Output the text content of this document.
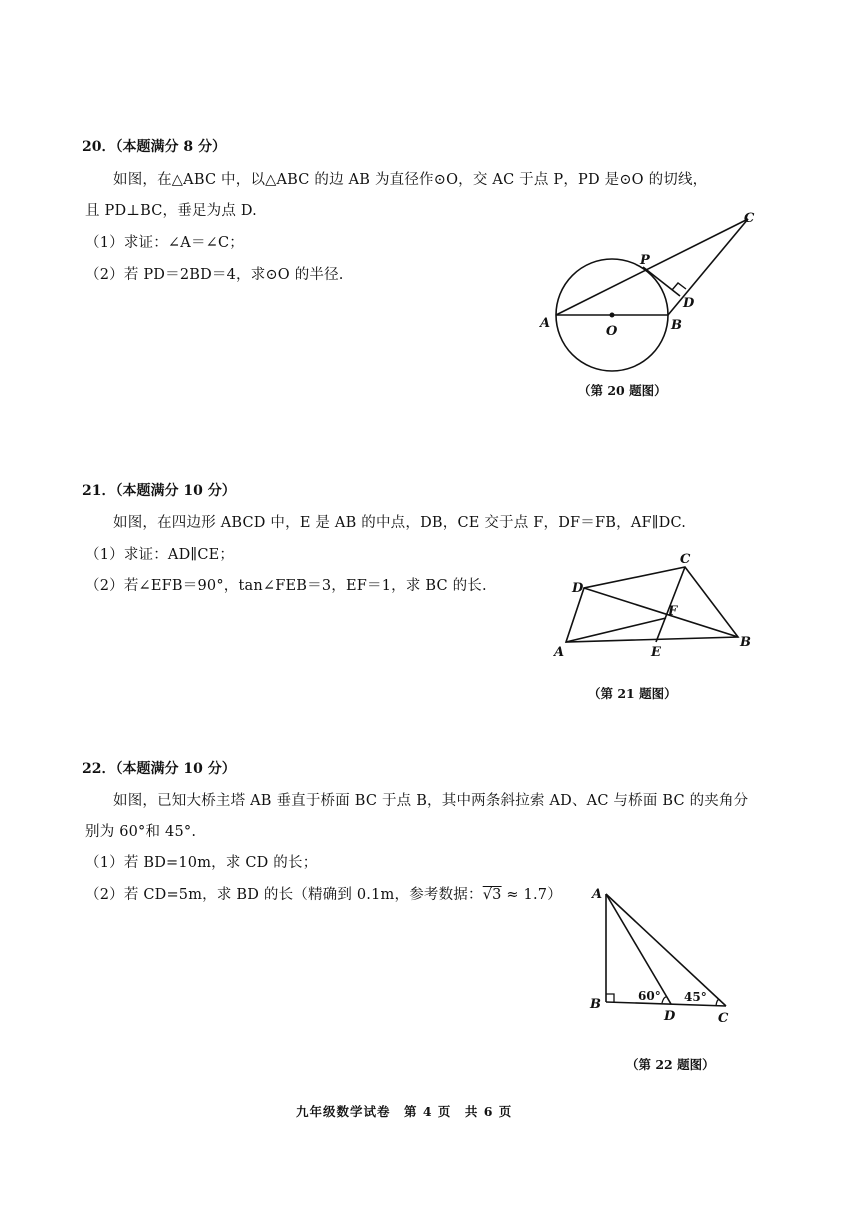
20．（本题满分 8 分）
如图，在△ABC 中，以△ABC 的边 AB 为直径作⊙O，交 AC 于点 P，PD 是⊙O 的切线，
且 PD⊥BC，垂足为点 D.
（1）求证：∠A＝∠C；
（2）若 PD＝2BD＝4，求⊙O 的半径.
A	B
C
D
O
P
（第 20 题图）
21．（本题满分 10 分）
如图，在四边形 ABCD 中，E 是 AB 的中点，DB，CE 交于点 F，DF＝FB，AF∥DC.
（1）求证：AD∥CE；
（2）若∠EFB＝90°，tan∠FEB＝3，EF＝1，求 BC 的长.
A
B
C
D
E
F
（第 21 题图）
22．（本题满分 10 分）
如图，已知大桥主塔 AB 垂直于桥面 BC 于点 B，其中两条斜拉索 AD、AC 与桥面 BC 的夹角分
别为 60°和 45°.
（1）若 BD=10m，求 CD 的长；
（2）若 CD=5m，求 BD 的长（精确到 0.1m，参考数据：√3 ≈ 1.7） A
B
D	C
60° 45°
（第 22 题图）
九年级数学试卷　第 4 页　共 6 页
